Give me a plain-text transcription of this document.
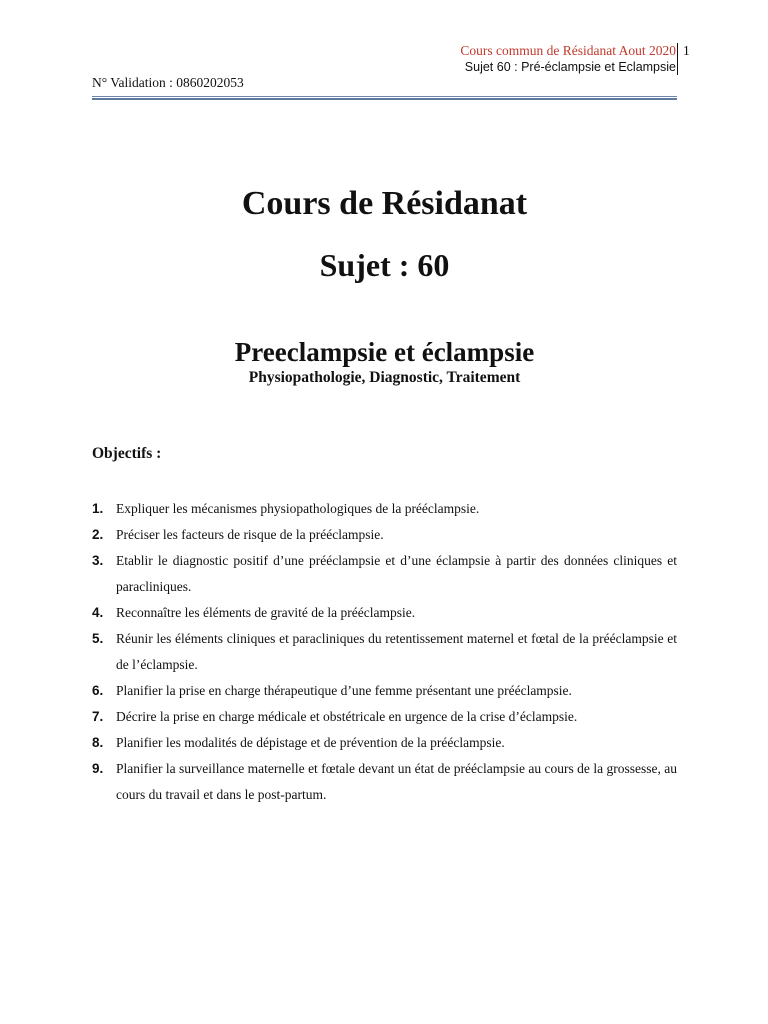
Cours commun de Résidanat Aout 2020
Sujet 60 : Pré-éclampsie et Eclampsie
1
N° Validation : 0860202053
Cours de Résidanat
Sujet : 60
Preeclampsie et éclampsie
Physiopathologie, Diagnostic, Traitement
Objectifs :
1. Expliquer les mécanismes physiopathologiques de la prééclampsie.
2. Préciser les facteurs de risque de la prééclampsie.
3. Etablir le diagnostic positif d’une prééclampsie et d’une éclampsie à partir des données cliniques et paracliniques.
4. Reconnaître les éléments de gravité de la prééclampsie.
5. Réunir les éléments cliniques et paracliniques du retentissement maternel et fœtal de la prééclampsie et de l’éclampsie.
6. Planifier la prise en charge thérapeutique d’une femme présentant une prééclampsie.
7. Décrire la prise en charge médicale et obstétricale en urgence de la crise d’éclampsie.
8. Planifier les modalités de dépistage et de prévention de la prééclampsie.
9. Planifier la surveillance maternelle et fœtale devant un état de prééclampsie au cours de la grossesse, au cours du travail et dans le post-partum.
